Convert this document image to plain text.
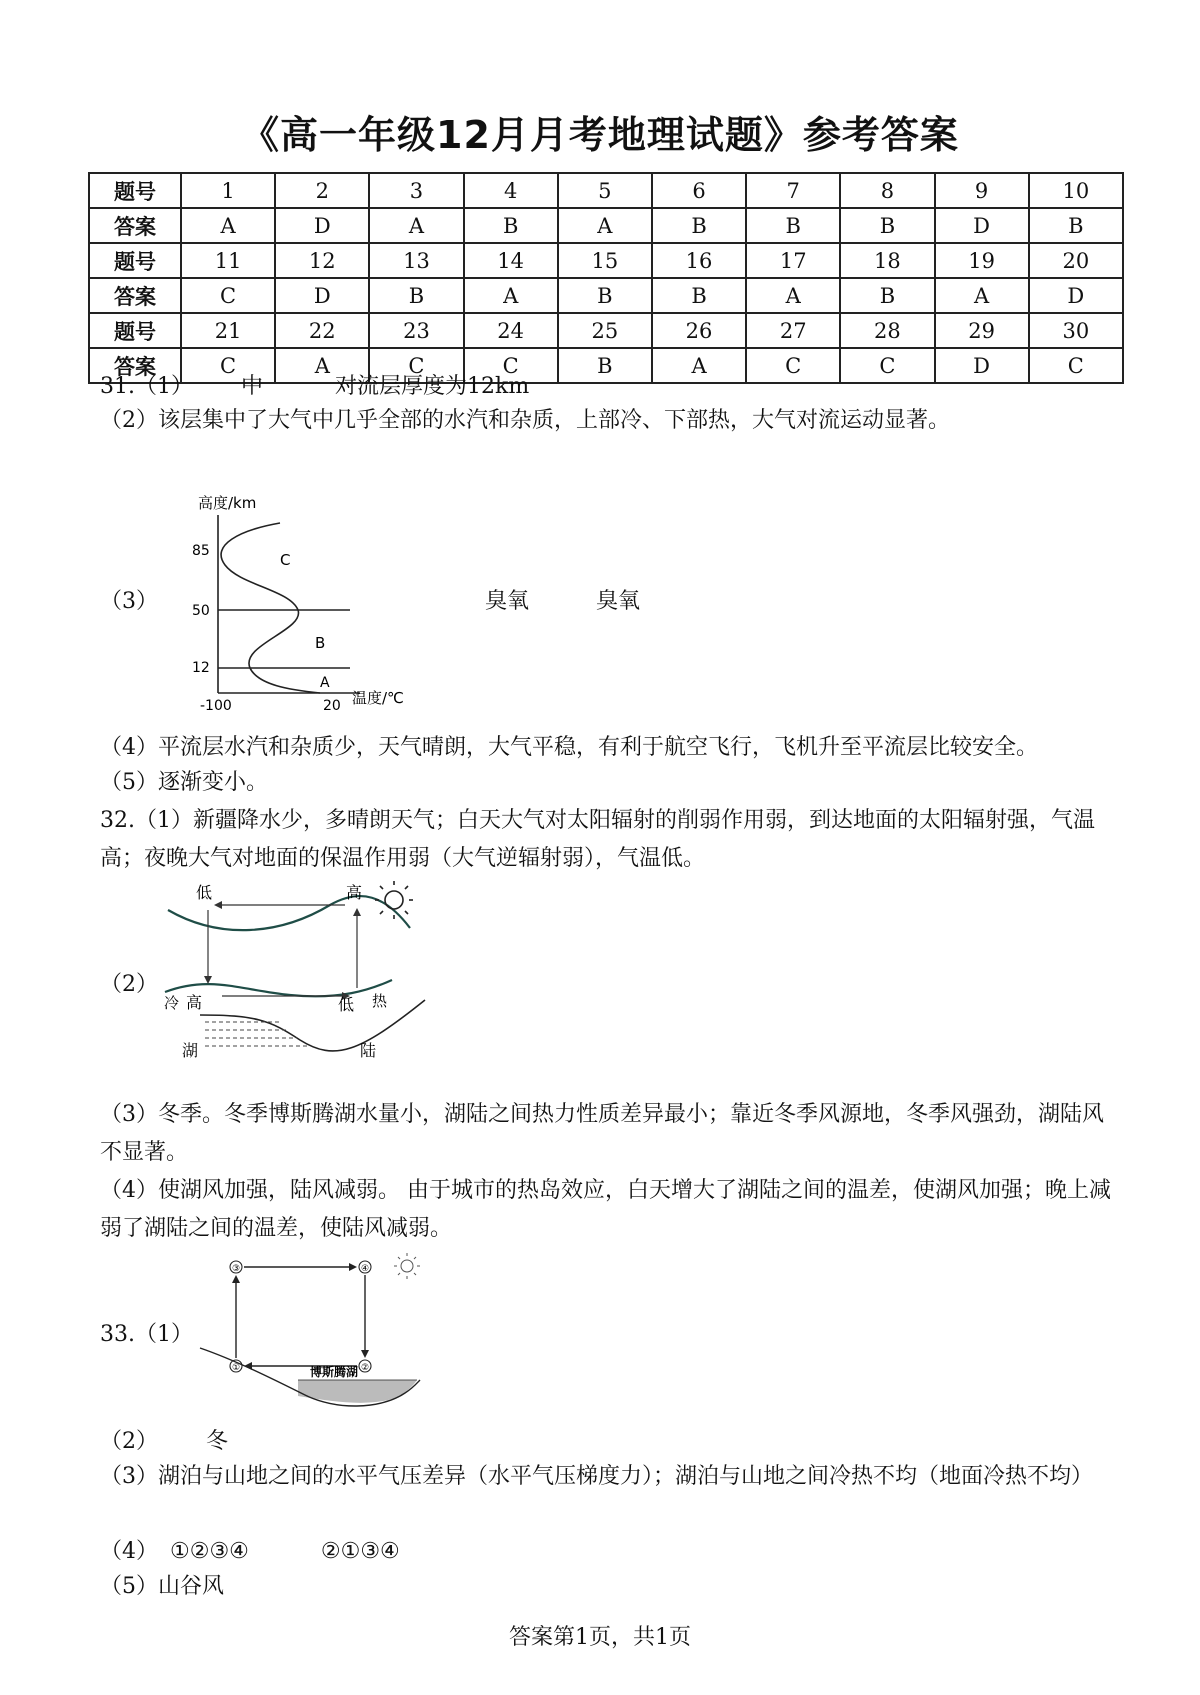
《高一年级12月月考地理试题》参考答案
题号	1	2	3	4	5	6	7	8	9	10
答案	A	D	A	B	A	B	B	B	D	B
题号	11	12	13	14	15	16	17	18	19	20
答案	C	D	B	A	B	B	A	B	A	D
题号	21	22	23	24	25	26	27	28	29	30
答案	C	A	C	C	B	A	C	C	D	C
31.（1） 中	对流层厚度为12km
（2）该层集中了大气中几乎全部的水汽和杂质，上部冷、下部热，大气对流运动显著。
（3）
高度/km
85
50
12
-100	20 温度/℃
C
B
A
臭氧	臭氧
（4）平流层水汽和杂质少，天气晴朗，大气平稳，有利于航空飞行，飞机升至平流层比较安全。
（5）逐渐变小。
32.（1）新疆降水少，多晴朗天气；白天大气对太阳辐射的削弱作用弱，到达地面的太阳辐射强，气温高；夜晚大气对地面的保温作用弱（大气逆辐射弱），气温低。
（2）
低	高
冷 高	低 热
湖	陆
（3）冬季。冬季博斯腾湖水量小，湖陆之间热力性质差异最小；靠近冬季风源地，冬季风强劲，湖陆风不显著。
（4）使湖风加强，陆风减弱。 由于城市的热岛效应，白天增大了湖陆之间的温差，使湖风加强；晚上减弱了湖陆之间的温差，使陆风减弱。
33.（1）
③	④
①	②
博斯腾湖
（2） 冬
（3）湖泊与山地之间的水平气压差异（水平气压梯度力）；湖泊与山地之间冷热不均（地面冷热不均）
（4） ①②③④	②①③④
（5）山谷风
答案第1页，共1页
